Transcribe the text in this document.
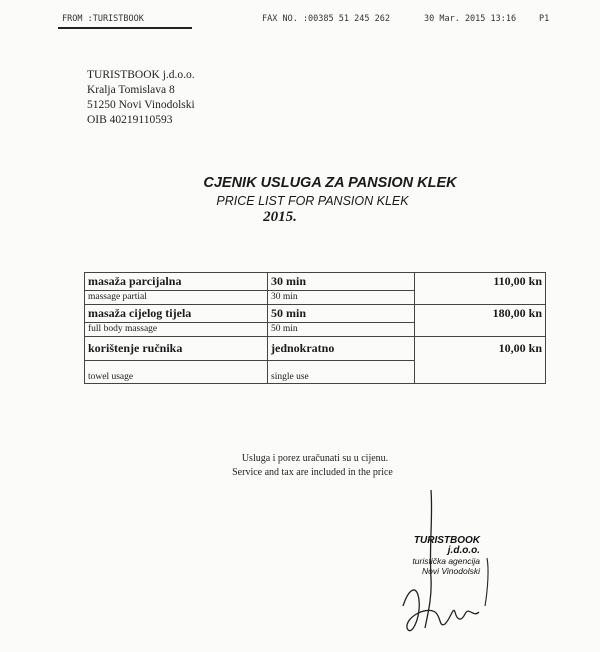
FROM :TURISTBOOK	FAX NO. :00385 51 245 262	30 Mar. 2015 13:16	P1
TURISTBOOK j.d.o.o.
Kralja Tomislava 8
51250 Novi Vinodolski
OIB 40219110593
CJENIK USLUGA ZA PANSION KLEK
PRICE LIST FOR PANSION KLEK
2015.
masaža parcijalna	30 min	110,00 kn
massage partial	30 min	
masaža cijelog tijela	50 min	180,00 kn
full body massage	50 min	
korištenje ručnika	jednokratno	10,00 kn
towel usage	single use	
Usluga i porez uračunati su u cijenu.
Service and tax are included in the price
TURISTBOOK j.d.o.o.
turistička agencija
Novi Vinodolski
